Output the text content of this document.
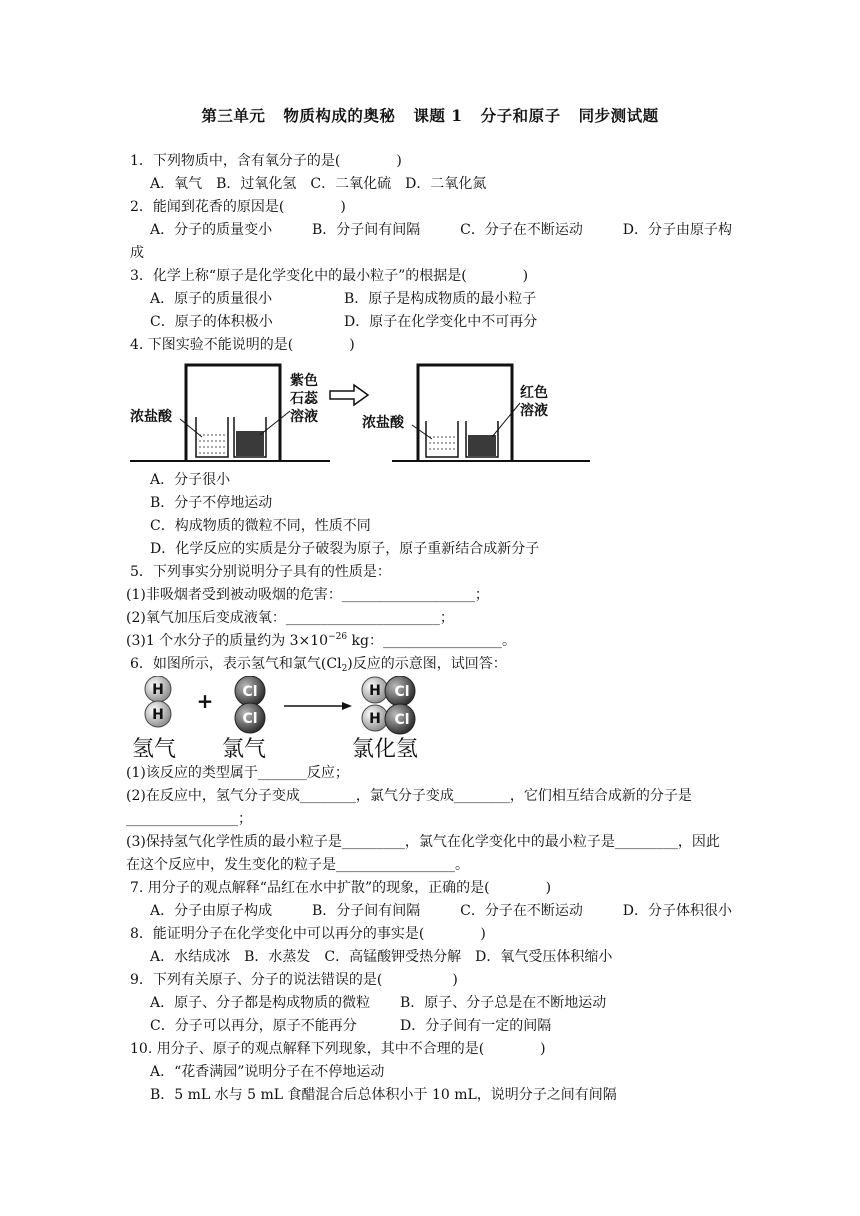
第三单元 物质构成的奥秘 课题 1 分子和原子 同步测试题
1．下列物质中，含有氧分子的是(　　　　)
A．氧气 B．过氧化氢 C．二氧化硫 D．二氧化氮
2．能闻到花香的原因是(　　　　)
A．分子的质量变小	B．分子间有间隔	C．分子在不断运动	D．分子由原子构
成
3．化学上称“原子是化学变化中的最小粒子”的根据是(　　　　)
A．原子的质量很小	B．原子是构成物质的最小粒子
C．原子的体积极小	D．原子在化学变化中不可再分
4. 下图实验不能说明的是(　　　　)
浓盐酸
紫色
石蕊
溶液	浓盐酸
红色
溶液
A．分子很小
B．分子不停地运动
C．构成物质的微粒不同，性质不同
D．化学反应的实质是分子破裂为原子，原子重新结合成新分子
5．下列事实分别说明分子具有的性质是：
(1)非吸烟者受到被动吸烟的危害：___________________；
(2)氧气加压后变成液氧：______________________；
(3)1 个水分子的质量约为 $3\times 10^{-26}$ kg：_________________。
6．如图所示，表示氢气和氯气$(Cl_2)$反应的示意图，试回答：
H
H
+ Cl
Cl
H Cl
H Cl
氢气 氯气	氯化氢
(1)该反应的类型属于_______反应；
(2)在反应中，氢气分子变成________，氯气分子变成________，它们相互结合成新的分子是________________；
(3)保持氢气化学性质的最小粒子是_________，氯气在化学变化中的最小粒子是_________，因此在这个反应中，发生变化的粒子是_________________。
7. 用分子的观点解释“品红在水中扩散”的现象，正确的是(　　　　)
A．分子由原子构成	B．分子间有间隔	C．分子在不断运动	D．分子体积很小
8．能证明分子在化学变化中可以再分的事实是(　　　　)
A．水结成冰 B．水蒸发 C．高锰酸钾受热分解 D．氧气受压体积缩小
9．下列有关原子、分子的说法错误的是(　　　　　)
A．原子、分子都是构成物质的微粒 B．原子、分子总是在不断地运动
C．分子可以再分，原子不能再分	D．分子间有一定的间隔
10. 用分子、原子的观点解释下列现象，其中不合理的是(　　　　)
A．“花香满园”说明分子在不停地运动
B．5 mL 水与 5 mL 食醋混合后总体积小于 10 mL，说明分子之间有间隔
